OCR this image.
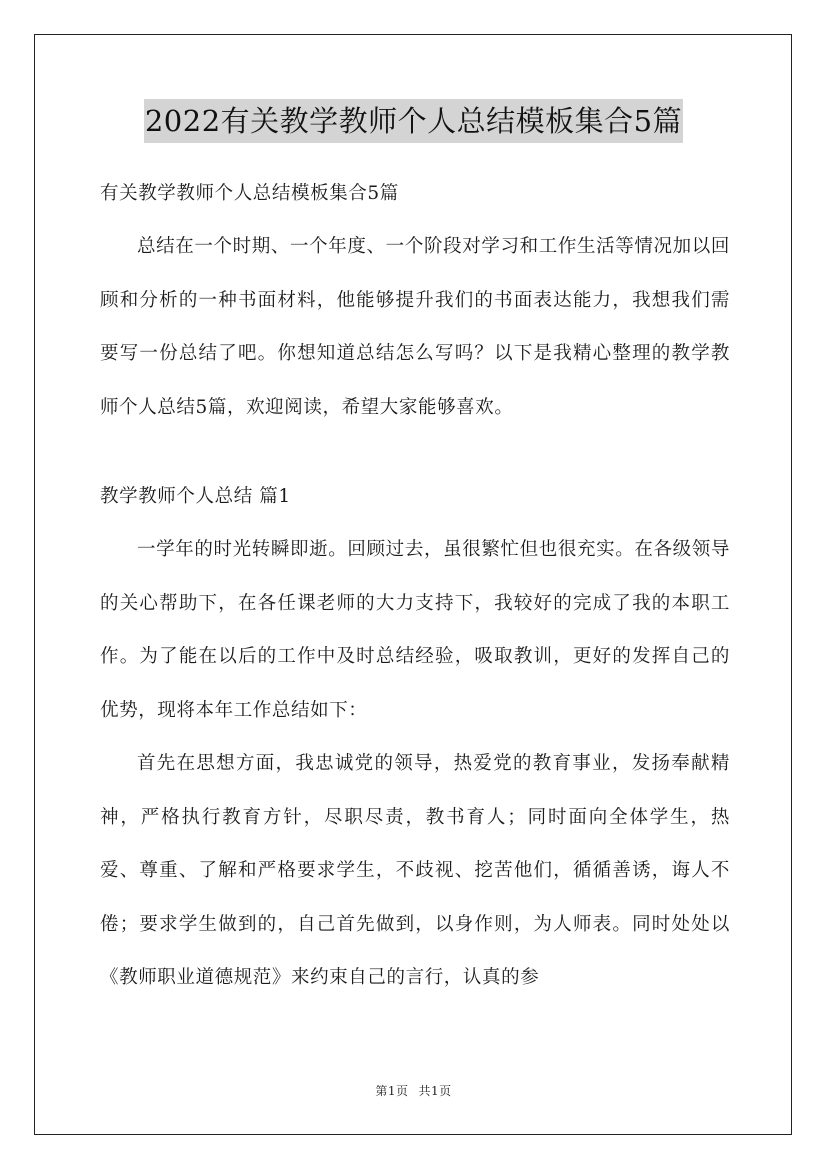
2022有关教学教师个人总结模板集合5篇

有关教学教师个人总结模板集合5篇

总结在一个时期、一个年度、一个阶段对学习和工作生活等情况加以回顾和分析的一种书面材料，他能够提升我们的书面表达能力，我想我们需要写一份总结了吧。你想知道总结怎么写吗？以下是我精心整理的教学教师个人总结5篇，欢迎阅读，希望大家能够喜欢。

教学教师个人总结 篇1

一学年的时光转瞬即逝。回顾过去，虽很繁忙但也很充实。在各级领导的关心帮助下，在各任课老师的大力支持下，我较好的完成了我的本职工作。为了能在以后的工作中及时总结经验，吸取教训，更好的发挥自己的优势，现将本年工作总结如下：

首先在思想方面，我忠诚党的领导，热爱党的教育事业，发扬奉献精神，严格执行教育方针，尽职尽责，教书育人；同时面向全体学生，热爱、尊重、了解和严格要求学生，不歧视、挖苦他们，循循善诱，诲人不倦；要求学生做到的，自己首先做到，以身作则，为人师表。同时处处以《教师职业道德规范》来约束自己的言行，认真的参

第1页 共1页
